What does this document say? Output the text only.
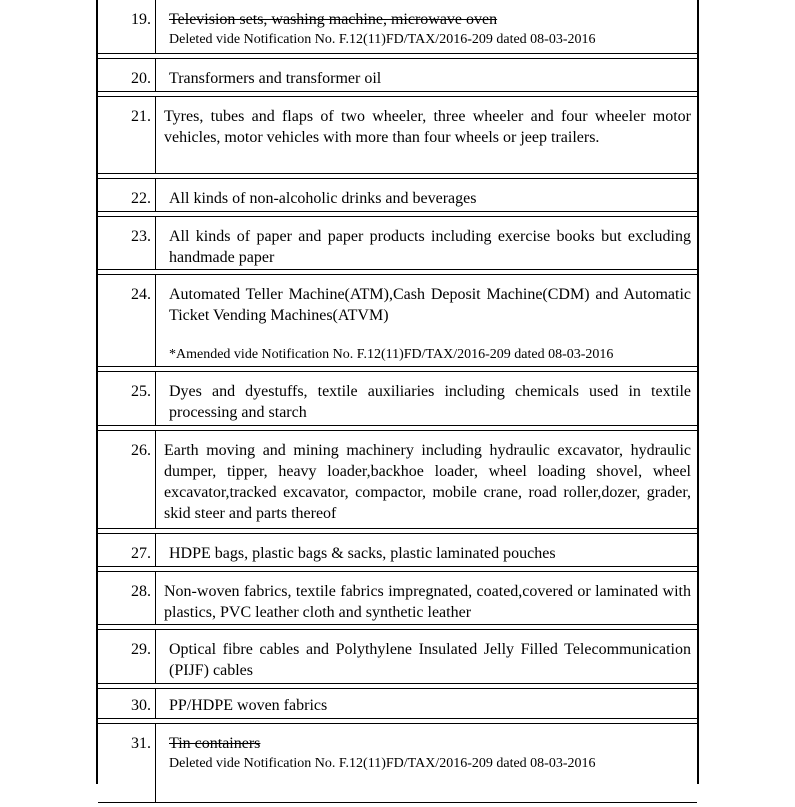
19. Television sets, washing machine, microwave oven
Deleted vide Notification No. F.12(11)FD/TAX/2016-209 dated 08-03-2016
20. Transformers and transformer oil
21. Tyres, tubes and flaps of two wheeler, three wheeler and four wheeler motor vehicles, motor vehicles with more than four wheels or jeep trailers.
22. All kinds of non-alcoholic drinks and beverages
23. All kinds of paper and paper products including exercise books but excluding handmade paper
24. Automated Teller Machine(ATM),Cash Deposit Machine(CDM) and Automatic Ticket Vending Machines(ATVM)
*Amended vide Notification No. F.12(11)FD/TAX/2016-209 dated 08-03-2016
25. Dyes and dyestuffs, textile auxiliaries including chemicals used in textile processing and starch
26. Earth moving and mining machinery including hydraulic excavator, hydraulic dumper, tipper, heavy loader,backhoe loader, wheel loading shovel, wheel excavator,tracked excavator, compactor, mobile crane, road roller,dozer, grader, skid steer and parts thereof
27. HDPE bags, plastic bags & sacks, plastic laminated pouches
28. Non-woven fabrics, textile fabrics impregnated, coated,covered or laminated with plastics, PVC leather cloth and synthetic leather
29. Optical fibre cables and Polythylene Insulated Jelly Filled Telecommunication (PIJF) cables
30. PP/HDPE woven fabrics
31. Tin containers
Deleted vide Notification No. F.12(11)FD/TAX/2016-209 dated 08-03-2016
